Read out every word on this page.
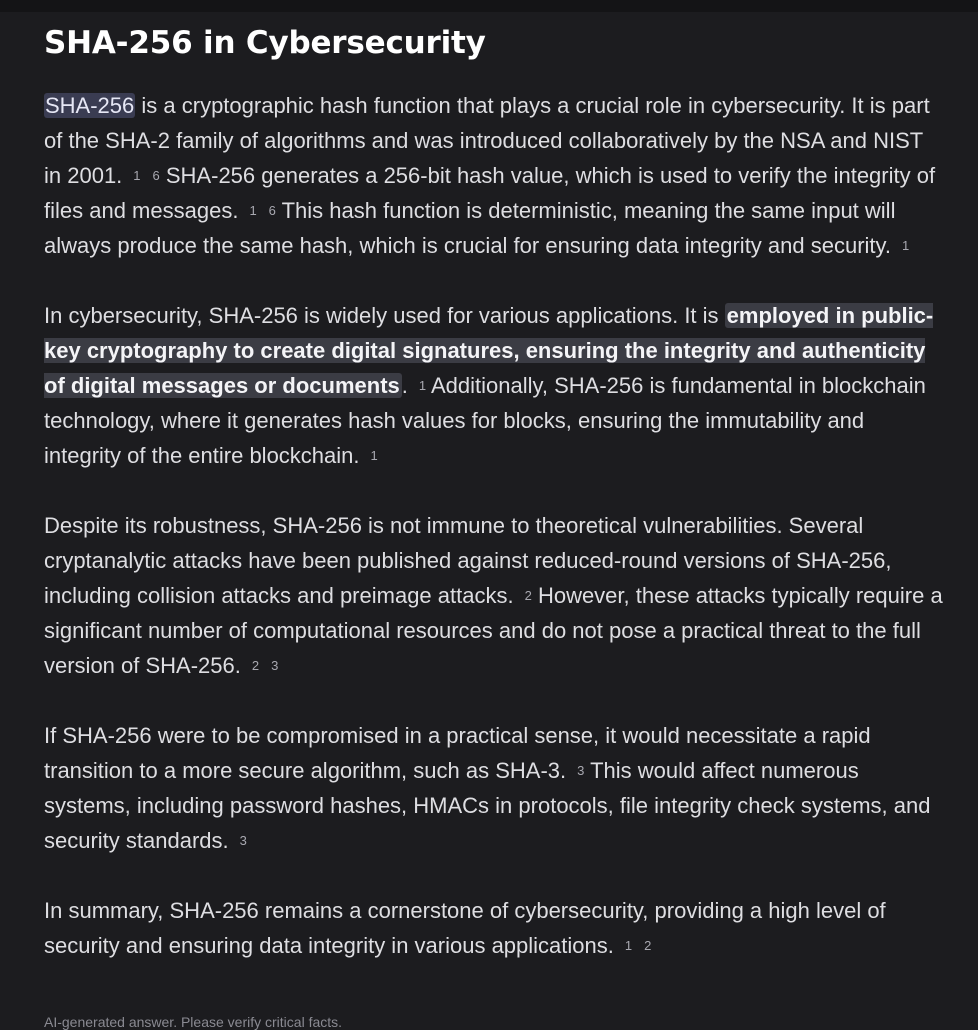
SHA-256 in Cybersecurity

SHA-256 is a cryptographic hash function that plays a crucial role in cybersecurity. It is part of the SHA-2 family of algorithms and was introduced collaboratively by the NSA and NIST in 2001. 1 6 SHA-256 generates a 256-bit hash value, which is used to verify the integrity of files and messages. 1 6 This hash function is deterministic, meaning the same input will always produce the same hash, which is crucial for ensuring data integrity and security. 1

In cybersecurity, SHA-256 is widely used for various applications. It is employed in public-key cryptography to create digital signatures, ensuring the integrity and authenticity of digital messages or documents. 1 Additionally, SHA-256 is fundamental in blockchain technology, where it generates hash values for blocks, ensuring the immutability and integrity of the entire blockchain. 1

Despite its robustness, SHA-256 is not immune to theoretical vulnerabilities. Several cryptanalytic attacks have been published against reduced-round versions of SHA-256, including collision attacks and preimage attacks. 2 However, these attacks typically require a significant number of computational resources and do not pose a practical threat to the full version of SHA-256. 2 3

If SHA-256 were to be compromised in a practical sense, it would necessitate a rapid transition to a more secure algorithm, such as SHA-3. 3 This would affect numerous systems, including password hashes, HMACs in protocols, file integrity check systems, and security standards. 3

In summary, SHA-256 remains a cornerstone of cybersecurity, providing a high level of security and ensuring data integrity in various applications. 1 2

AI-generated answer. Please verify critical facts.
